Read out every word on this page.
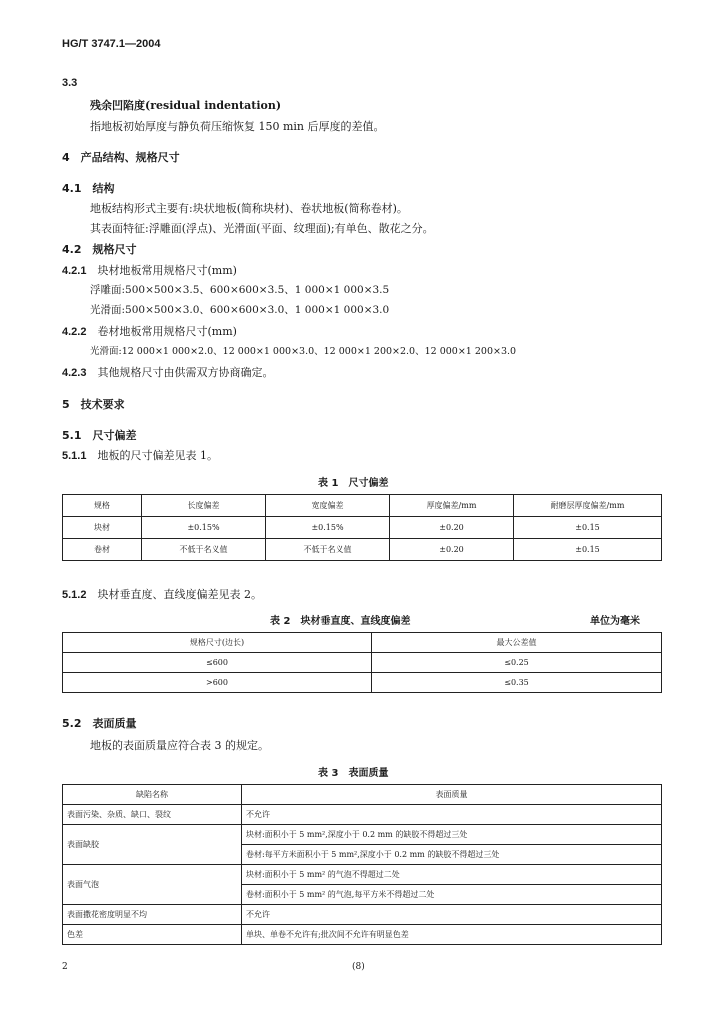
HG/T 3747.1—2004
3.3
残余凹陷度(residual indentation)
指地板初始厚度与静负荷压缩恢复 150 min 后厚度的差值。
4　 产品结构、规格尺寸
4.1　 结构
地板结构形式主要有:块状地板(简称块材)、卷状地板(简称卷材)。
其表面特征:浮雕面(浮点)、光滑面(平面、纹理面);有单色、散花之分。
4.2　 规格尺寸
4.2.1　 块材地板常用规格尺寸(mm)
浮雕面:500×500×3.5、600×600×3.5、1 000×1 000×3.5
光滑面:500×500×3.0、600×600×3.0、1 000×1 000×3.0
4.2.2　 卷材地板常用规格尺寸(mm)
光滑面:12 000×1 000×2.0、12 000×1 000×3.0、12 000×1 200×2.0、12 000×1 200×3.0
4.2.3　 其他规格尺寸由供需双方协商确定。
5　 技术要求
5.1　 尺寸偏差
5.1.1　 地板的尺寸偏差见表 1。
表 1　尺寸偏差
规格	长度偏差	宽度偏差	厚度偏差/mm	耐磨层厚度偏差/mm
块材	±0.15%	±0.15%	±0.20	±0.15
卷材	不低于名义值	不低于名义值	±0.20	±0.15
5.1.2　 块材垂直度、直线度偏差见表 2。
表 2　块材垂直度、直线度偏差	单位为毫米
规格尺寸(边长)	最大公差值
≤600	≤0.25
>600	≤0.35
5.2　 表面质量
地板的表面质量应符合表 3 的规定。
表 3　表面质量
缺陷名称	表面质量
表面污染、杂质、缺口、裂纹	不允许
表面缺胶	块材:面积小于 5 mm²,深度小于 0.2 mm 的缺胶不得超过三处
	卷材:每平方米面积小于 5 mm²,深度小于 0.2 mm 的缺胶不得超过三处
表面气泡	块材:面积小于 5 mm² 的气泡不得超过二处
	卷材:面积小于 5 mm² 的气泡,每平方米不得超过二处
表面撒花密度明显不均	不允许
色差	单块、单卷不允许有;批次间不允许有明显色差
2	(8)
